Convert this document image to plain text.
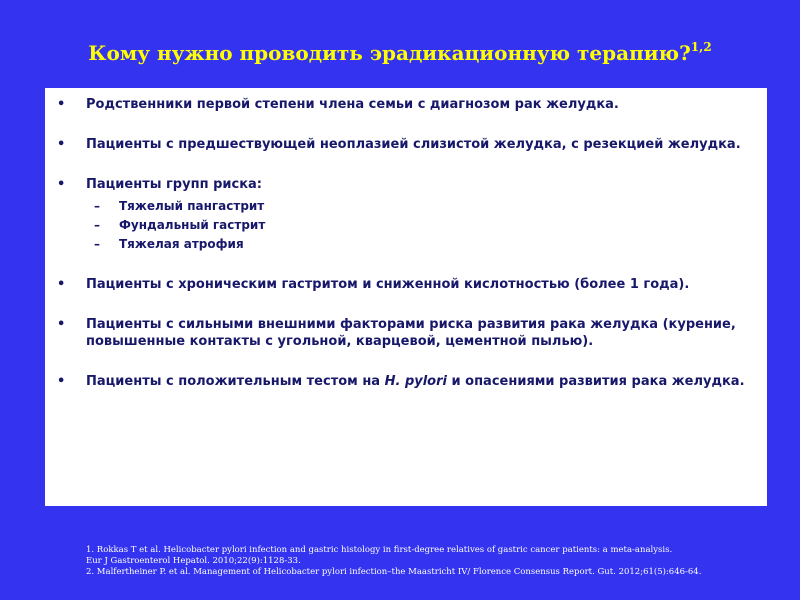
Кому нужно проводить эрадикационную терапию?$^{1,2}$
• Родственники первой степени члена семьи с диагнозом рак желудка.
• Пациенты с предшествующей неоплазией слизистой желудка, с резекцией желудка.
• Пациенты групп риска:
– Тяжелый пангастрит
– Фундальный гастрит
– Тяжелая атрофия
• Пациенты с хроническим гастритом и сниженной кислотностью (более 1 года).
• Пациенты с сильными внешними факторами риска развития рака желудка (курение, повышенные контакты с угольной, кварцевой, цементной пылью).
• Пациенты с положительным тестом на H. pylori и опасениями развития рака желудка.
1. Rokkas T et al. Helicobacter pylori infection and gastric histology in first-degree relatives of gastric cancer patients: a meta-analysis.
Eur J Gastroenterol Hepatol. 2010;22(9):1128-33.
2. Malfertheiner P. et al. Management of Helicobacter pylori infection–the Maastricht IV/ Florence Consensus Report. Gut. 2012;61(5):646-64.
